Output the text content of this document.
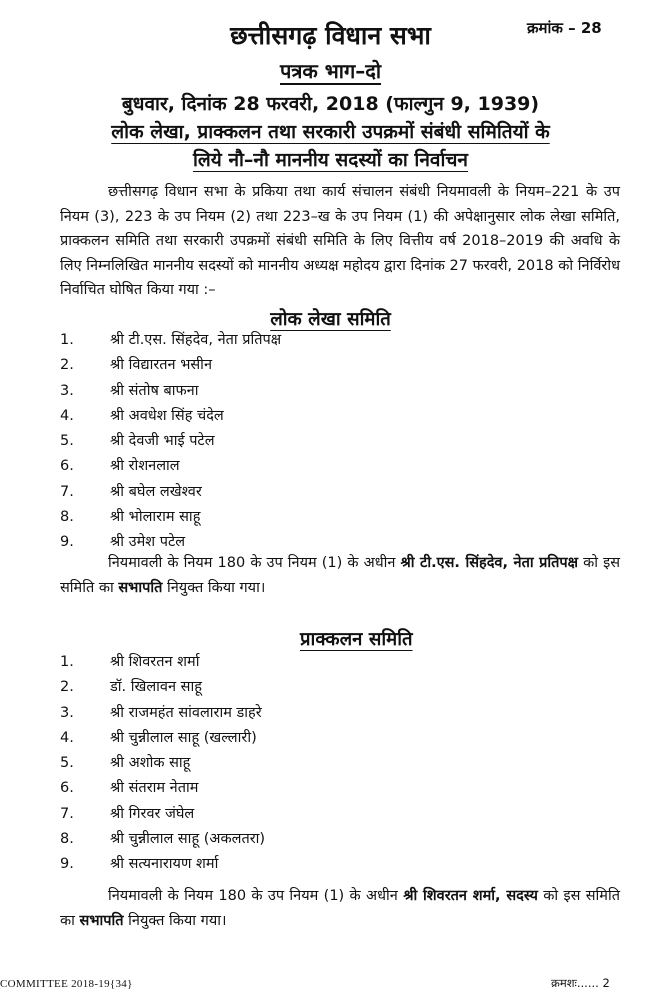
छत्तीसगढ़ विधान सभा	क्रमांक – 28
पत्रक भाग–दो
बुधवार, दिनांक 28 फरवरी, 2018 (फाल्गुन 9, 1939)
लोक लेखा, प्राक्कलन तथा सरकारी उपक्रमों संबंधी समितियों के
लिये नौ–नौ माननीय सदस्यों का निर्वाचन
छत्तीसगढ़ विधान सभा के प्रकिया तथा कार्य संचालन संबंधी नियमावली के नियम–221 के उप नियम (3), 223 के उप नियम (2) तथा 223–ख के उप नियम (1) की अपेक्षानुसार लोक लेखा समिति, प्राक्कलन समिति तथा सरकारी उपक्रमों संबंधी समिति के लिए वित्तीय वर्ष 2018–2019 की अवधि के लिए निम्नलिखित माननीय सदस्यों को माननीय अध्यक्ष महोदय द्वारा दिनांक 27 फरवरी, 2018 को निर्विरोध निर्वाचित घोषित किया गया :–
लोक लेखा समिति
1. श्री टी.एस. सिंहदेव, नेता प्रतिपक्ष
2. श्री विद्यारतन भसीन
3. श्री संतोष बाफना
4. श्री अवधेश सिंह चंदेल
5. श्री देवजी भाई पटेल
6. श्री रोशनलाल
7. श्री बघेल लखेश्वर
8. श्री भोलाराम साहू
9. श्री उमेश पटेल
नियमावली के नियम 180 के उप नियम (1) के अधीन श्री टी.एस. सिंहदेव, नेता प्रतिपक्ष को इस समिति का सभापति नियुक्त किया गया।
प्राक्कलन समिति
1. श्री शिवरतन शर्मा
2. डॉ. खिलावन साहू
3. श्री राजमहंत सांवलाराम डाहरे
4. श्री चुन्नीलाल साहू (खल्लारी)
5. श्री अशोक साहू
6. श्री संतराम नेताम
7. श्री गिरवर जंघेल
8. श्री चुन्नीलाल साहू (अकलतरा)
9. श्री सत्यनारायण शर्मा
नियमावली के नियम 180 के उप नियम (1) के अधीन श्री शिवरतन शर्मा, सदस्य को इस समिति का सभापति नियुक्त किया गया।
COMMITTEE 2018-19{34}	क्रमशः...... 2
